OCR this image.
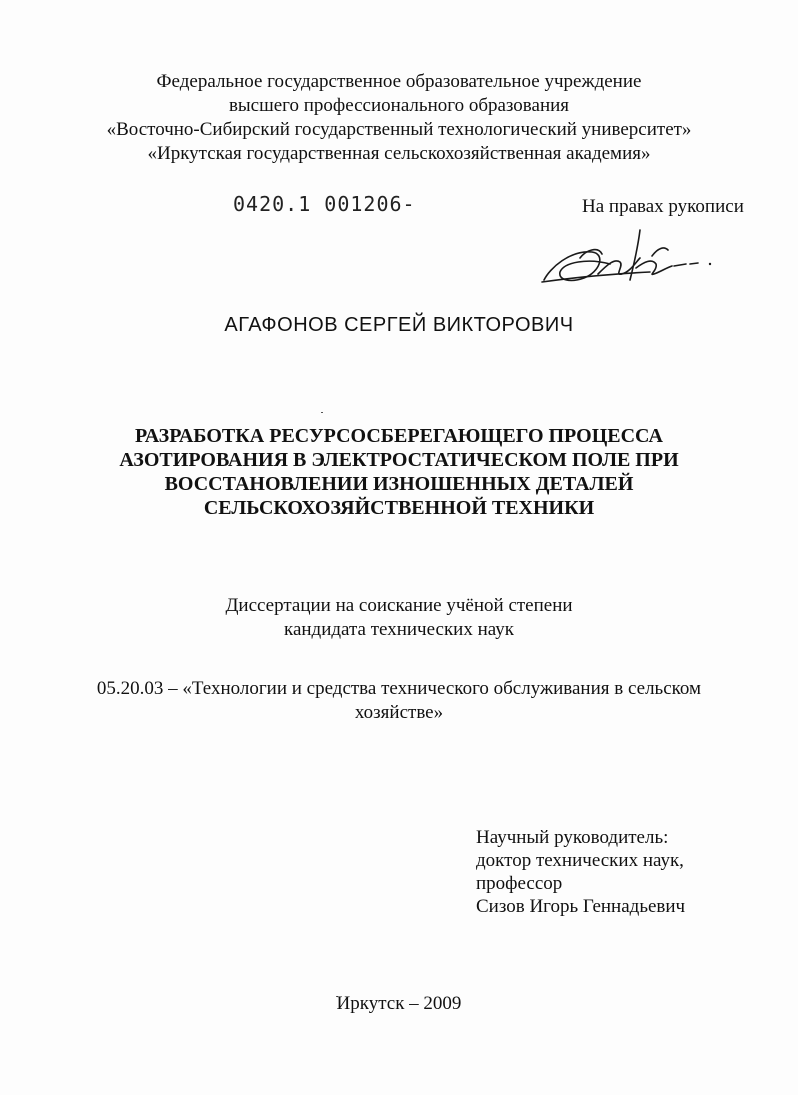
Федеральное государственное образовательное учреждение
высшего профессионального образования
«Восточно-Сибирский государственный технологический университет»
«Иркутская государственная сельскохозяйственная академия»
0420.1 001206-	На правах рукописи
АГАФОНОВ СЕРГЕЙ ВИКТОРОВИЧ
РАЗРАБОТКА РЕСУРСОСБЕРЕГАЮЩЕГО ПРОЦЕССА
АЗОТИРОВАНИЯ В ЭЛЕКТРОСТАТИЧЕСКОМ ПОЛЕ ПРИ
ВОССТАНОВЛЕНИИ ИЗНОШЕННЫХ ДЕТАЛЕЙ
СЕЛЬСКОХОЗЯЙСТВЕННОЙ ТЕХНИКИ
Диссертации на соискание учёной степени
кандидата технических наук
05.20.03 – «Технологии и средства технического обслуживания в сельском
хозяйстве»
Научный руководитель:
доктор технических наук,
профессор
Сизов Игорь Геннадьевич
Иркутск – 2009
